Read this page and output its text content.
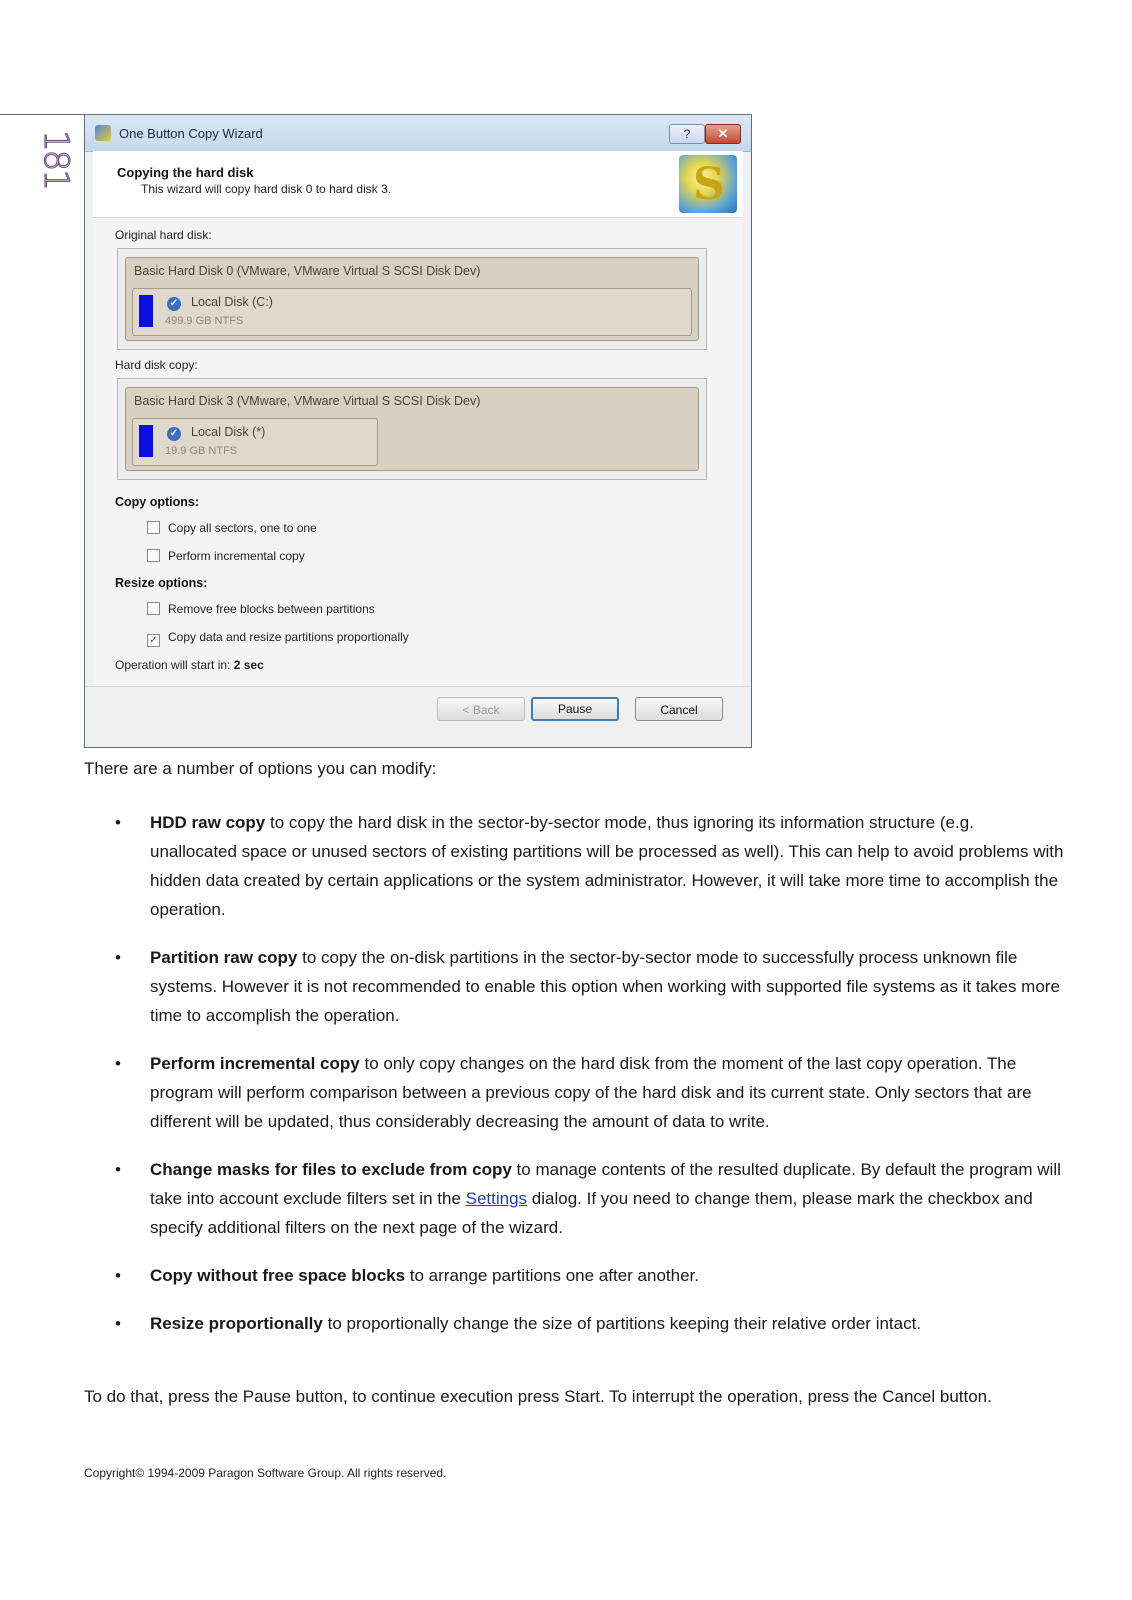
181	One Button Copy Wizard	?	✕
Copying the hard disk
This wizard will copy hard disk 0 to hard disk 3.	S
Original hard disk:
Basic Hard Disk 0 (VMware, VMware Virtual S SCSI Disk Dev)
✓ Local Disk (C:)
499.9 GB NTFS
Hard disk copy:
Basic Hard Disk 3 (VMware, VMware Virtual S SCSI Disk Dev)
✓ Local Disk (*)
19.9 GB NTFS
Copy options:
Copy all sectors, one to one
Perform incremental copy
Resize options:
Remove free blocks between partitions
✓ Copy data and resize partitions proportionally
Operation will start in: 2 sec
< Back	Pause	Cancel
There are a number of options you can modify:
• HDD raw copy to copy the hard disk in the sector-by-sector mode, thus ignoring its information structure (e.g. unallocated space or unused sectors of existing partitions will be processed as well). This can help to avoid problems with hidden data created by certain applications or the system administrator. However, it will take more time to accomplish the operation.
• Partition raw copy to copy the on-disk partitions in the sector-by-sector mode to successfully process unknown file systems. However it is not recommended to enable this option when working with supported file systems as it takes more time to accomplish the operation.
• Perform incremental copy to only copy changes on the hard disk from the moment of the last copy operation. The program will perform comparison between a previous copy of the hard disk and its current state. Only sectors that are different will be updated, thus considerably decreasing the amount of data to write.
• Change masks for files to exclude from copy to manage contents of the resulted duplicate. By default the program will take into account exclude filters set in the Settings dialog. If you need to change them, please mark the checkbox and specify additional filters on the next page of the wizard.
• Copy without free space blocks to arrange partitions one after another.
• Resize proportionally to proportionally change the size of partitions keeping their relative order intact.
To do that, press the Pause button, to continue execution press Start. To interrupt the operation, press the Cancel button.
Copyright© 1994-2009 Paragon Software Group. All rights reserved.
